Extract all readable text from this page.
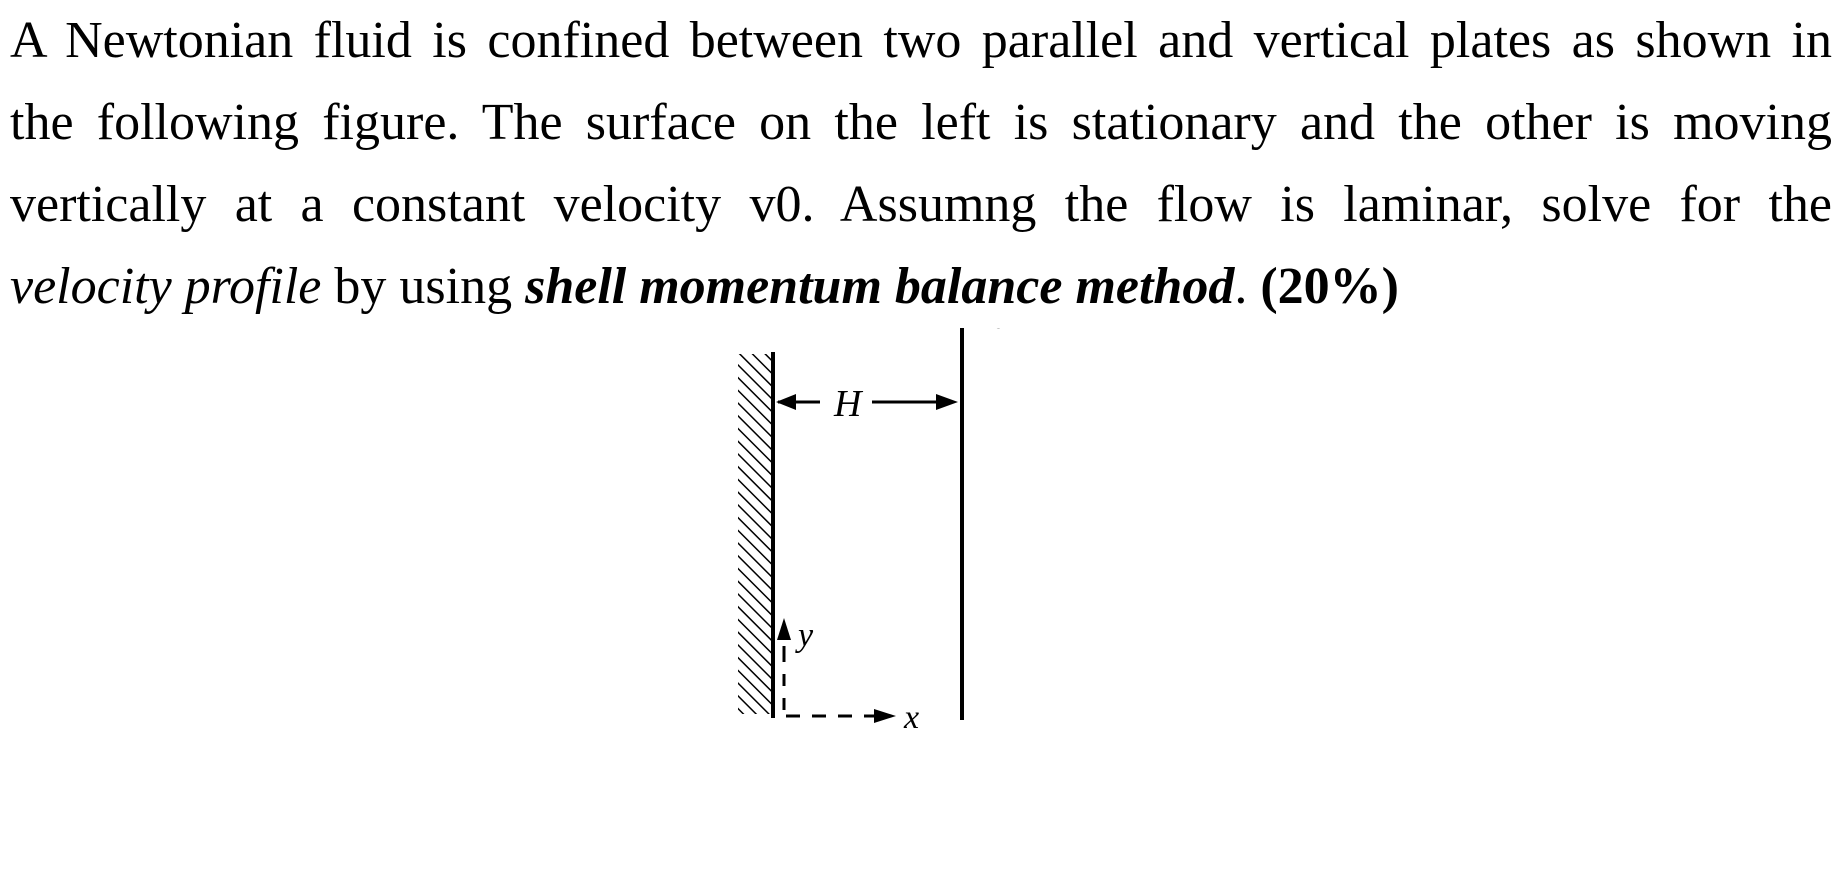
A Newtonian fluid is confined between two parallel and vertical plates as shown in
the following figure. The surface on the left is stationary and the other is moving
vertically at a constant velocity v0. Assumng the flow is laminar, solve for the
velocity profile by using shell momentum balance method. (20%)
H
y
x
